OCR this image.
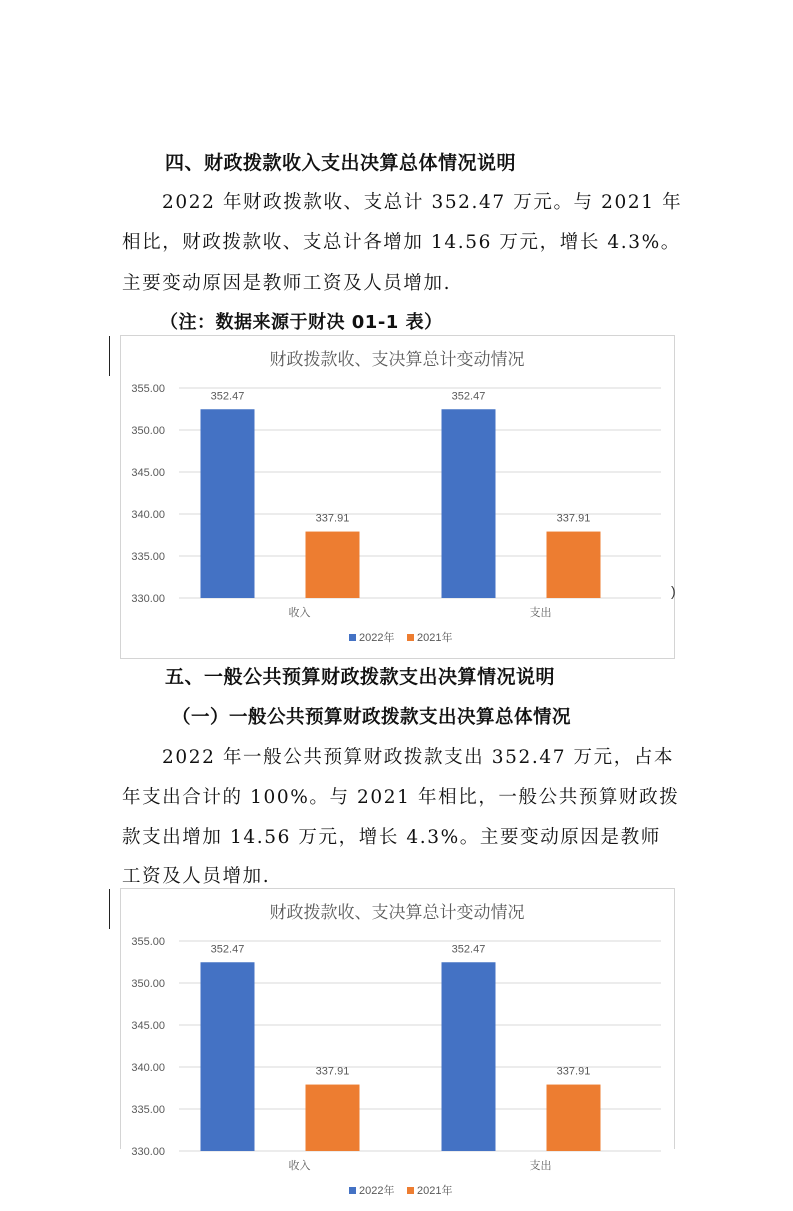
四、财政拨款收入支出决算总体情况说明

2022 年财政拨款收、支总计 352.47 万元。与 2021 年

相比，财政拨款收、支总计各增加 14.56 万元，增长 4.3%。

主要变动原因是教师工资及人员增加.

（注：数据来源于财决 01-1 表）

财政拨款收、支决算总计变动情况
330.00
335.00
340.00
345.00
350.00
355.00
收入
352.47
337.91
支出
352.47
337.91
2022年 2021年
)
五、一般公共预算财政拨款支出决算情况说明
（一）一般公共预算财政拨款支出决算总体情况

2022 年一般公共预算财政拨款支出 352.47 万元，占本

年支出合计的 100%。与 2021 年相比，一般公共预算财政拨

款支出增加 14.56 万元，增长 4.3%。主要变动原因是教师

工资及人员增加.

财政拨款收、支决算总计变动情况
330.00
335.00
340.00
345.00
350.00
355.00
收入
352.47
337.91
支出
352.47
337.91
2022年 2021年
